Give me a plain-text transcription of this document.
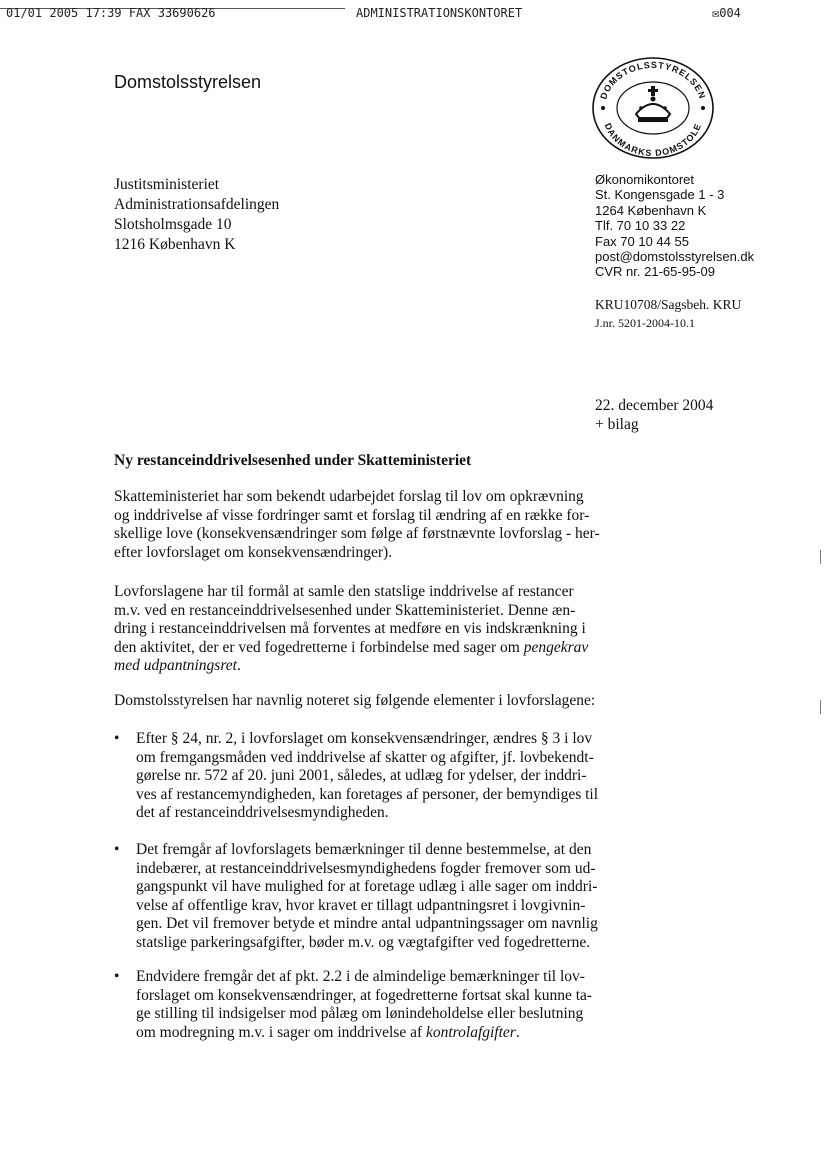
01/01 2005 17:39 FAX 33690626	ADMINISTRATIONSKONTORET	✉004
Domstolsstyrelsen
DOMSTOLSSTYRELSEN
DANMARKS DOMSTOLE
Justitsministeriet
Administrationsafdelingen
Slotsholmsgade 10
1216 København K
Økonomikontoret
St. Kongensgade 1 - 3
1264 København K
Tlf. 70 10 33 22
Fax 70 10 44 55
post@domstolsstyrelsen.dk
CVR nr. 21-65-95-09
KRU10708/Sagsbeh. KRU
J.nr. 5201-2004-10.1
22. december 2004
+ bilag
Ny restanceinddrivelsesenhed under Skatteministeriet
Skatteministeriet har som bekendt udarbejdet forslag til lov om opkrævning
og inddrivelse af visse fordringer samt et forslag til ændring af en række for-
skellige love (konsekvensændringer som følge af førstnævnte lovforslag - her-
efter lovforslaget om konsekvensændringer).
Lovforslagene har til formål at samle den statslige inddrivelse af restancer
m.v. ved en restanceinddrivelsesenhed under Skatteministeriet. Denne æn-
dring i restanceinddrivelsen må forventes at medføre en vis indskrænkning i
den aktivitet, der er ved fogedretterne i forbindelse med sager om pengekrav
med udpantningsret.
Domstolsstyrelsen har navnlig noteret sig følgende elementer i lovforslagene:
• Efter § 24, nr. 2, i lovforslaget om konsekvensændringer, ændres § 3 i lov
om fremgangsmåden ved inddrivelse af skatter og afgifter, jf. lovbekendt-
gørelse nr. 572 af 20. juni 2001, således, at udlæg for ydelser, der inddri-
ves af restancemyndigheden, kan foretages af personer, der bemyndiges til
det af restanceinddrivelsesmyndigheden.
• Det fremgår af lovforslagets bemærkninger til denne bestemmelse, at den
indebærer, at restanceinddrivelsesmyndighedens fogder fremover som ud-
gangspunkt vil have mulighed for at foretage udlæg i alle sager om inddri-
velse af offentlige krav, hvor kravet er tillagt udpantningsret i lovgivnin-
gen. Det vil fremover betyde et mindre antal udpantningssager om navnlig
statslige parkeringsafgifter, bøder m.v. og vægtafgifter ved fogedretterne.
• Endvidere fremgår det af pkt. 2.2 i de almindelige bemærkninger til lov-
forslaget om konsekvensændringer, at fogedretterne fortsat skal kunne ta-
ge stilling til indsigelser mod pålæg om lønindeholdelse eller beslutning
om modregning m.v. i sager om inddrivelse af kontrolafgifter.
